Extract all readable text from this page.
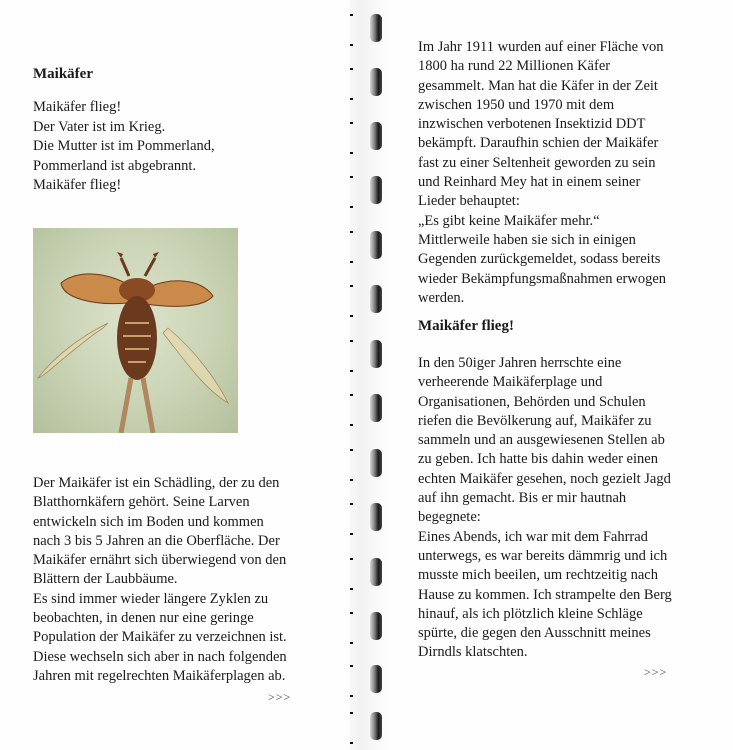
Maikäfer
Maikäfer flieg!
Der Vater ist im Krieg.
Die Mutter ist im Pommerland,
Pommerland ist abgebrannt.
Maikäfer flieg!
Der Maikäfer ist ein Schädling, der zu den
Blatthornkäfern gehört. Seine Larven
entwickeln sich im Boden und kommen
nach 3 bis 5 Jahren an die Oberfläche. Der
Maikäfer ernährt sich überwiegend von den
Blättern der Laubbäume.
Es sind immer wieder längere Zyklen zu
beobachten, in denen nur eine geringe
Population der Maikäfer zu verzeichnen ist.
Diese wechseln sich aber in nach folgenden
Jahren mit regelrechten Maikäferplagen ab.
>>>
Im Jahr 1911 wurden auf einer Fläche von
1800 ha rund 22 Millionen Käfer
gesammelt. Man hat die Käfer in der Zeit
zwischen 1950 und 1970 mit dem
inzwischen verbotenen Insektizid DDT
bekämpft. Daraufhin schien der Maikäfer
fast zu einer Seltenheit geworden zu sein
und Reinhard Mey hat in einem seiner
Lieder behauptet:
„Es gibt keine Maikäfer mehr.“
Mittlerweile haben sie sich in einigen
Gegenden zurückgemeldet, sodass bereits
wieder Bekämpfungsmaßnahmen erwogen
werden.
Maikäfer flieg!
In den 50iger Jahren herrschte eine
verheerende Maikäferplage und
Organisationen, Behörden und Schulen
riefen die Bevölkerung auf, Maikäfer zu
sammeln und an ausgewiesenen Stellen ab
zu geben. Ich hatte bis dahin weder einen
echten Maikäfer gesehen, noch gezielt Jagd
auf ihn gemacht. Bis er mir hautnah
begegnete:
Eines Abends, ich war mit dem Fahrrad
unterwegs, es war bereits dämmrig und ich
musste mich beeilen, um rechtzeitig nach
Hause zu kommen. Ich strampelte den Berg
hinauf, als ich plötzlich kleine Schläge
spürte, die gegen den Ausschnitt meines
Dirndls klatschten.
>>>
